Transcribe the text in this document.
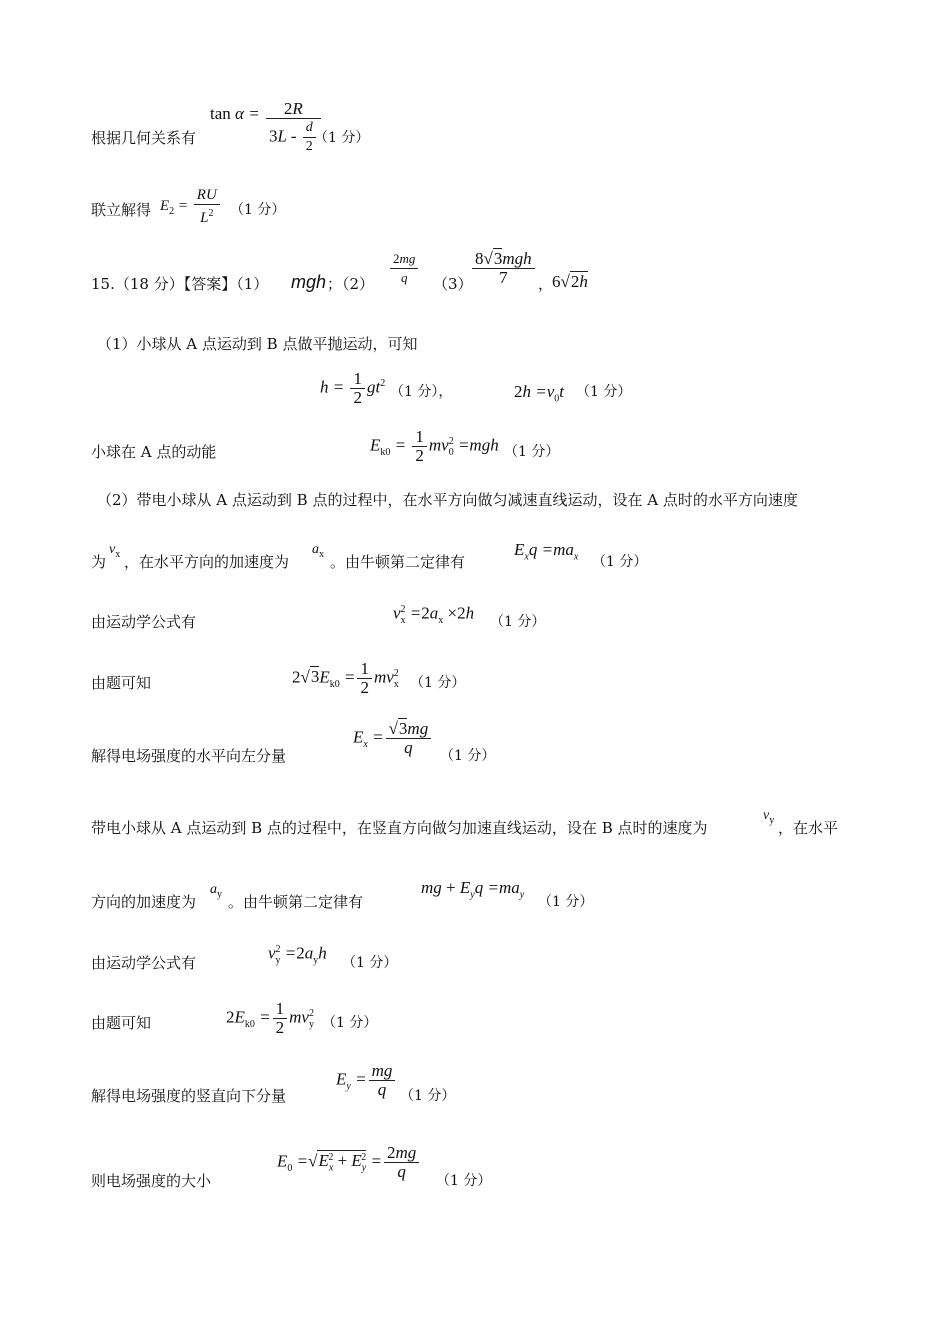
根据几何关系有
$\tan \alpha = \frac{2R}{3L - \frac{d}{2}}$
（1 分）
联立解得 $E_2 = \frac{RU}{L^2} (1$ 分）
15.（18 分）【答案】（1） mgh ；$(2) \frac{2mg}{q} (3) \frac{\text{8√3mgh}}{7}$ ，
6√2h
（1）小球从 A 点运动到 B 点做平抛运动，可知
$h = \frac{1}{2} gt^2$
（1 分），	$2h =v_0t$ （1 分）
小球在 A 点的动能	$E_{k0} = \frac{1}{2} mv_0^2 =mgh$ （1 分）
（2）带电小球从 A 点运动到 B 点的过程中，在水平方向做匀减速直线运动，设在 A 点时的水平方向速度
为
$v_x$ ，在水平方向的加速度为
$a_x$ 。由牛顿第二定律有
$E_xq =ma_x$ （1 分）
由运动学公式有	$v_x^2 =2a_x \times 2h$ （1 分）
由题可知	$2√3E_{k0} = \frac{1}{2} mv_x^2$
（1 分）
解得电场强度的水平向左分量
$E_x = \frac{√3mg}{q} (1$ 分）
带电小球从 A 点运动到 B 点的过程中，在竖直方向做匀加速直线运动，设在 B 点时的速度为
$v_y$ ，在水平
方向的加速度为
$a_y$ 。由牛顿第二定律有
mg + $E_yq =ma_y$ （1 分）
由运动学公式有
$v_y^2 =2a_yh$
（1 分）
由题可知	$2E_{k0} = \frac{1}{2} mv_y^2$
（1 分）
解得电场强度的竖直向下分量
$E_y = \frac{mg}{q} (1$ 分）
则电场强度的大小
$E_0 =√E_x^2 + E_y^2 = \frac{2mg}{q} (1$ 分）
